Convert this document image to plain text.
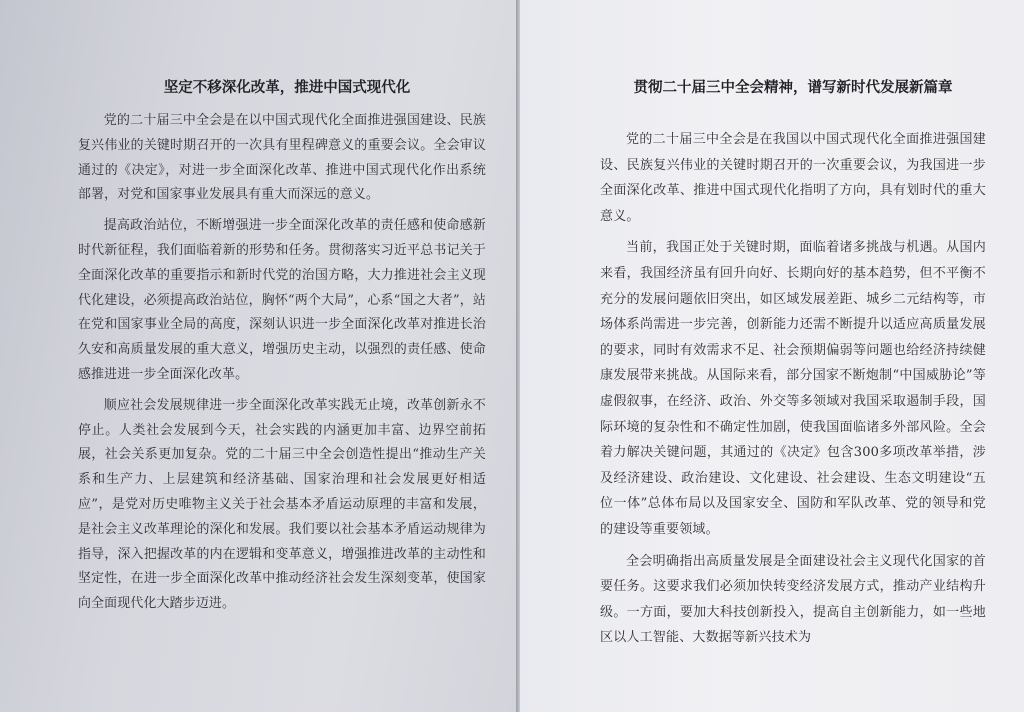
坚定不移深化改革，推进中国式现代化

党的二十届三中全会是在以中国式现代化全面推进强国建设、民族复兴伟业的关键时期召开的一次具有里程碑意义的重要会议。全会审议通过的《决定》，对进一步全面深化改革、推进中国式现代化作出系统部署，对党和国家事业发展具有重大而深远的意义。

提高政治站位，不断增强进一步全面深化改革的责任感和使命感新时代新征程，我们面临着新的形势和任务。贯彻落实习近平总书记关于全面深化改革的重要指示和新时代党的治国方略，大力推进社会主义现代化建设，必须提高政治站位，胸怀“两个大局”，心系“国之大者”，站在党和国家事业全局的高度，深刻认识进一步全面深化改革对推进长治久安和高质量发展的重大意义，增强历史主动，以强烈的责任感、使命感推进进一步全面深化改革。

顺应社会发展规律进一步全面深化改革实践无止境，改革创新永不停止。人类社会发展到今天，社会实践的内涵更加丰富、边界空前拓展，社会关系更加复杂。党的二十届三中全会创造性提出“推动生产关系和生产力、上层建筑和经济基础、国家治理和社会发展更好相适应”，是党对历史唯物主义关于社会基本矛盾运动原理的丰富和发展，是社会主义改革理论的深化和发展。我们要以社会基本矛盾运动规律为指导，深入把握改革的内在逻辑和变革意义，增强推进改革的主动性和坚定性，在进一步全面深化改革中推动经济社会发生深刻变革，使国家向全面现代化大踏步迈进。

贯彻二十届三中全会精神，谱写新时代发展新篇章

党的二十届三中全会是在我国以中国式现代化全面推进强国建设、民族复兴伟业的关键时期召开的一次重要会议，为我国进一步全面深化改革、推进中国式现代化指明了方向，具有划时代的重大意义。

当前，我国正处于关键时期，面临着诸多挑战与机遇。从国内来看，我国经济虽有回升向好、长期向好的基本趋势，但不平衡不充分的发展问题依旧突出，如区域发展差距、城乡二元结构等，市场体系尚需进一步完善，创新能力还需不断提升以适应高质量发展的要求，同时有效需求不足、社会预期偏弱等问题也给经济持续健康发展带来挑战。从国际来看，部分国家不断炮制“中国威胁论”等虚假叙事，在经济、政治、外交等多领域对我国采取遏制手段，国际环境的复杂性和不确定性加剧，使我国面临诸多外部风险。全会着力解决关键问题，其通过的《决定》包含300多项改革举措，涉及经济建设、政治建设、文化建设、社会建设、生态文明建设“五位一体”总体布局以及国家安全、国防和军队改革、党的领导和党的建设等重要领域。

全会明确指出高质量发展是全面建设社会主义现代化国家的首要任务。这要求我们必须加快转变经济发展方式，推动产业结构升级。一方面，要加大科技创新投入，提高自主创新能力，如一些地区以人工智能、大数据等新兴技术为
